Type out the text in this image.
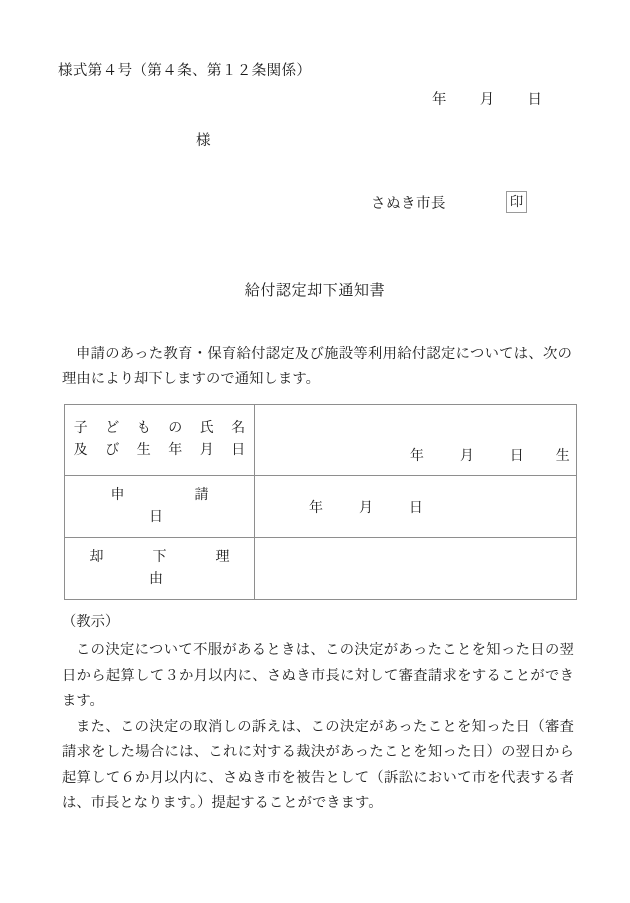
様式第４号（第４条、第１２条関係）
年 月 日
様
さぬき市長	印
給付認定却下通知書
申請のあった教育・保育給付認定及び施設等利用給付認定については、次の理由により却下しますので通知します。
子 ど も の 氏 名
及 び 生 年 月 日	年 月 日 生

申　　　請　　　日	年 月 日

却　　下　　理　　由	

（教示）

この決定について不服があるときは、この決定があったことを知った日の翌日から起算して３か月以内に、さぬき市長に対して審査請求をすることができます。

また、この決定の取消しの訴えは、この決定があったことを知った日（審査請求をした場合には、これに対する裁決があったことを知った日）の翌日から起算して６か月以内に、さぬき市を被告として（訴訟において市を代表する者は、市長となります。）提起することができます。
